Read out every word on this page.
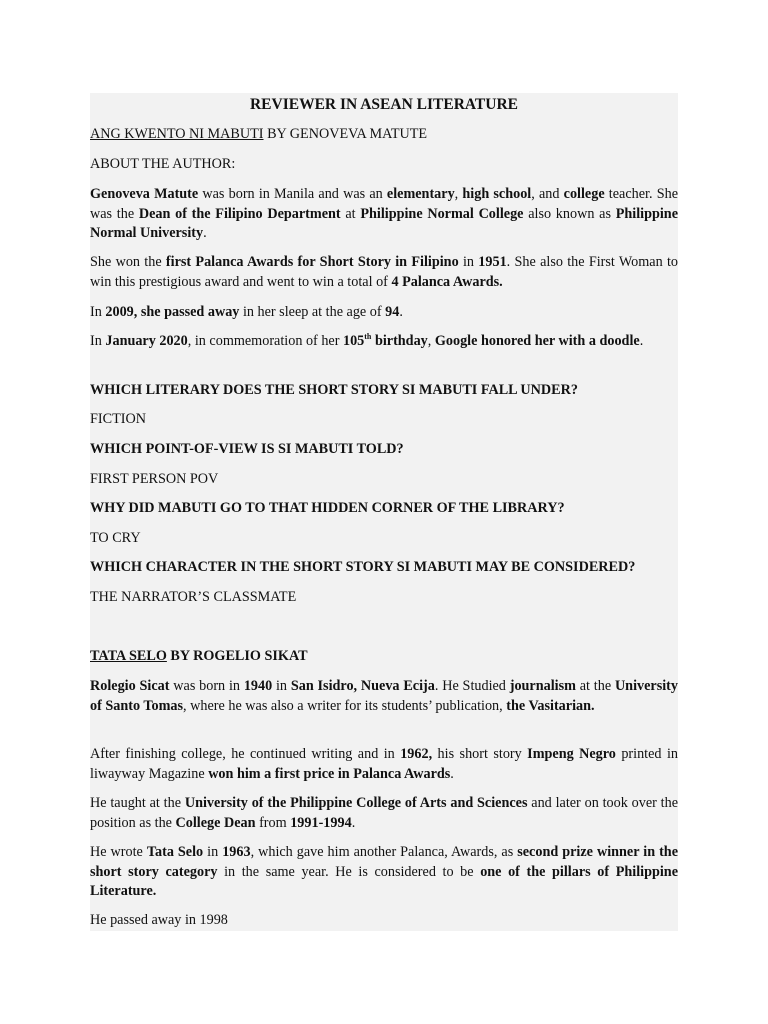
REVIEWER IN ASEAN LITERATURE
ANG KWENTO NI MABUTI BY GENOVEVA MATUTE
ABOUT THE AUTHOR:
Genoveva Matute was born in Manila and was an elementary, high school, and college teacher. She was the Dean of the Filipino Department at Philippine Normal College also known as Philippine Normal University.
She won the first Palanca Awards for Short Story in Filipino in 1951. She also the First Woman to win this prestigious award and went to win a total of 4 Palanca Awards.
In 2009, she passed away in her sleep at the age of 94.
In January 2020, in commemoration of her 105th birthday, Google honored her with a doodle.
WHICH LITERARY DOES THE SHORT STORY SI MABUTI FALL UNDER?
FICTION
WHICH POINT-OF-VIEW IS SI MABUTI TOLD?
FIRST PERSON POV
WHY DID MABUTI GO TO THAT HIDDEN CORNER OF THE LIBRARY?
TO CRY
WHICH CHARACTER IN THE SHORT STORY SI MABUTI MAY BE CONSIDERED?
THE NARRATOR’S CLASSMATE
TATA SELO BY ROGELIO SIKAT
Rolegio Sicat was born in 1940 in San Isidro, Nueva Ecija. He Studied journalism at the University of Santo Tomas, where he was also a writer for its students’ publication, the Vasitarian.
After finishing college, he continued writing and in 1962, his short story Impeng Negro printed in liwayway Magazine won him a first price in Palanca Awards.
He taught at the University of the Philippine College of Arts and Sciences and later on took over the position as the College Dean from 1991-1994.
He wrote Tata Selo in 1963, which gave him another Palanca, Awards, as second prize winner in the short story category in the same year. He is considered to be one of the pillars of Philippine Literature.
He passed away in 1998
